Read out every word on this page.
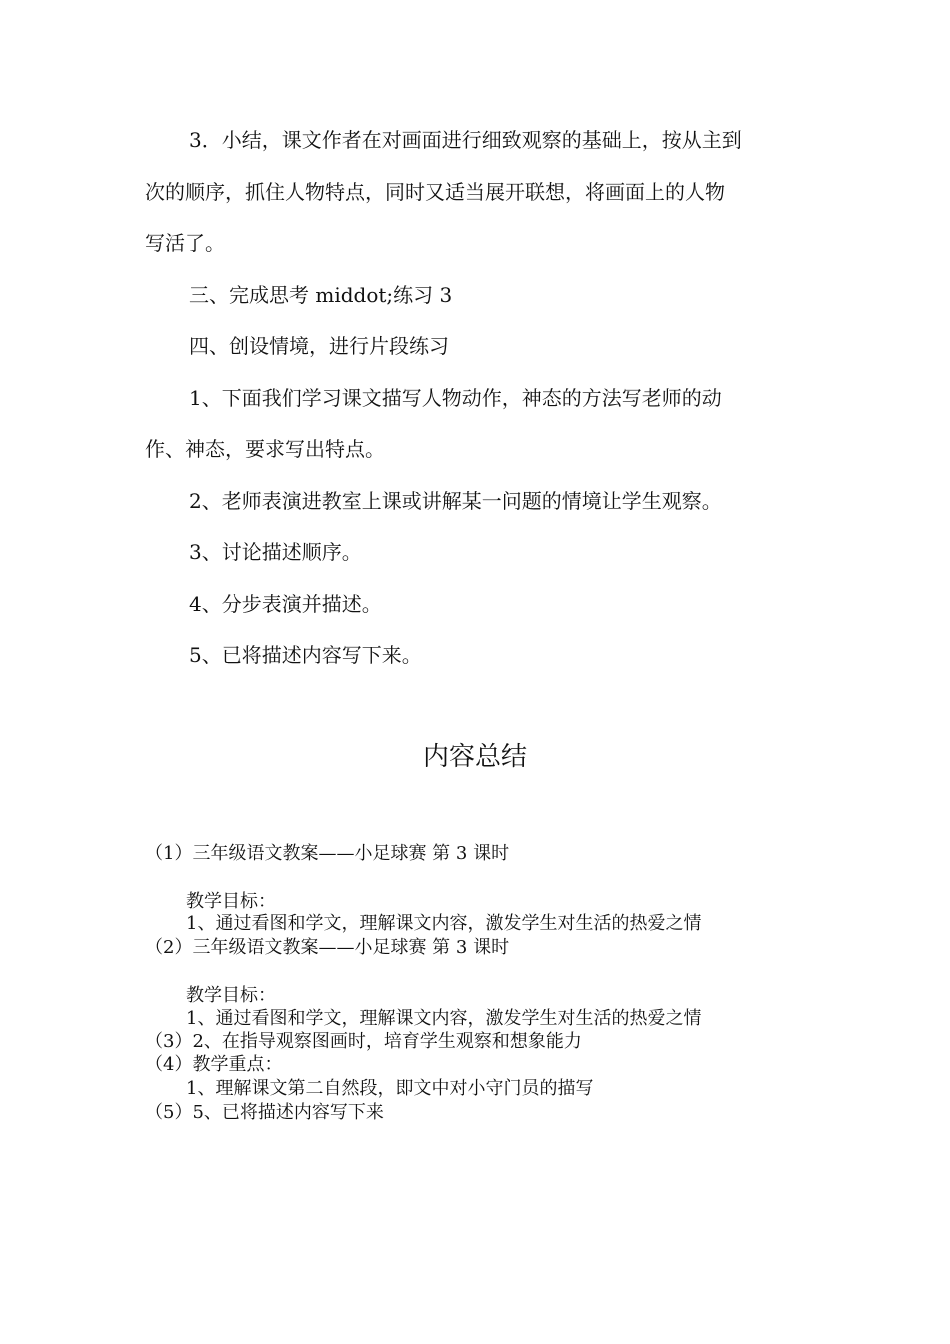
3．小结，课文作者在对画面进行细致观察的基础上，按从主到
次的顺序，抓住人物特点，同时又适当展开联想，将画面上的人物
写活了。
三、完成思考 middot;练习 3
四、创设情境，进行片段练习
1、下面我们学习课文描写人物动作，神态的方法写老师的动
作、神态，要求写出特点。
2、老师表演进教室上课或讲解某一问题的情境让学生观察。
3、讨论描述顺序。
4、分步表演并描述。
5、已将描述内容写下来。
内容总结
（1）三年级语文教案——小足球赛 第 3 课时
教学目标：
1、通过看图和学文，理解课文内容，激发学生对生活的热爱之情
（2）三年级语文教案——小足球赛 第 3 课时
教学目标：
1、通过看图和学文，理解课文内容，激发学生对生活的热爱之情
（3）2、在指导观察图画时，培育学生观察和想象能力
（4）教学重点：
1、理解课文第二自然段，即文中对小守门员的描写
（5）5、已将描述内容写下来
